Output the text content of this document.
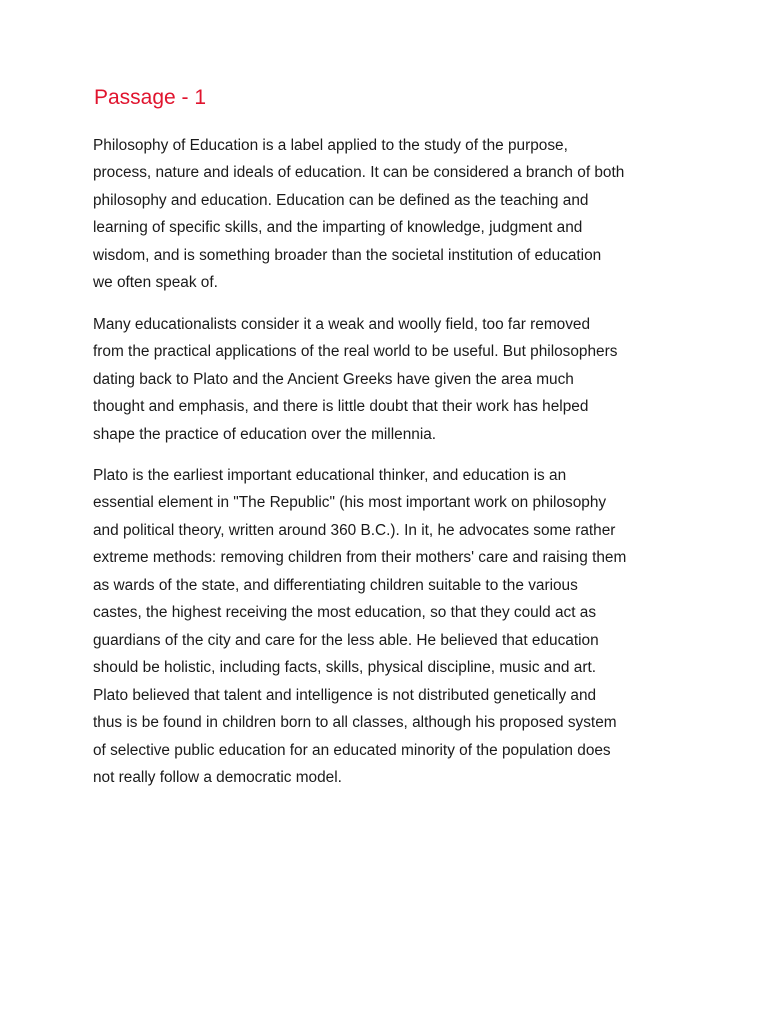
Passage - 1

Philosophy of Education is a label applied to the study of the purpose,

process, nature and ideals of education. It can be considered a branch of both

philosophy and education. Education can be defined as the teaching and

learning of specific skills, and the imparting of knowledge, judgment and

wisdom, and is something broader than the societal institution of education

we often speak of.

Many educationalists consider it a weak and woolly field, too far removed

from the practical applications of the real world to be useful. But philosophers

dating back to Plato and the Ancient Greeks have given the area much

thought and emphasis, and there is little doubt that their work has helped

shape the practice of education over the millennia.

Plato is the earliest important educational thinker, and education is an

essential element in "The Republic" (his most important work on philosophy

and political theory, written around 360 B.C.). In it, he advocates some rather

extreme methods: removing children from their mothers' care and raising them

as wards of the state, and differentiating children suitable to the various

castes, the highest receiving the most education, so that they could act as

guardians of the city and care for the less able. He believed that education

should be holistic, including facts, skills, physical discipline, music and art.

Plato believed that talent and intelligence is not distributed genetically and

thus is be found in children born to all classes, although his proposed system

of selective public education for an educated minority of the population does

not really follow a democratic model.
